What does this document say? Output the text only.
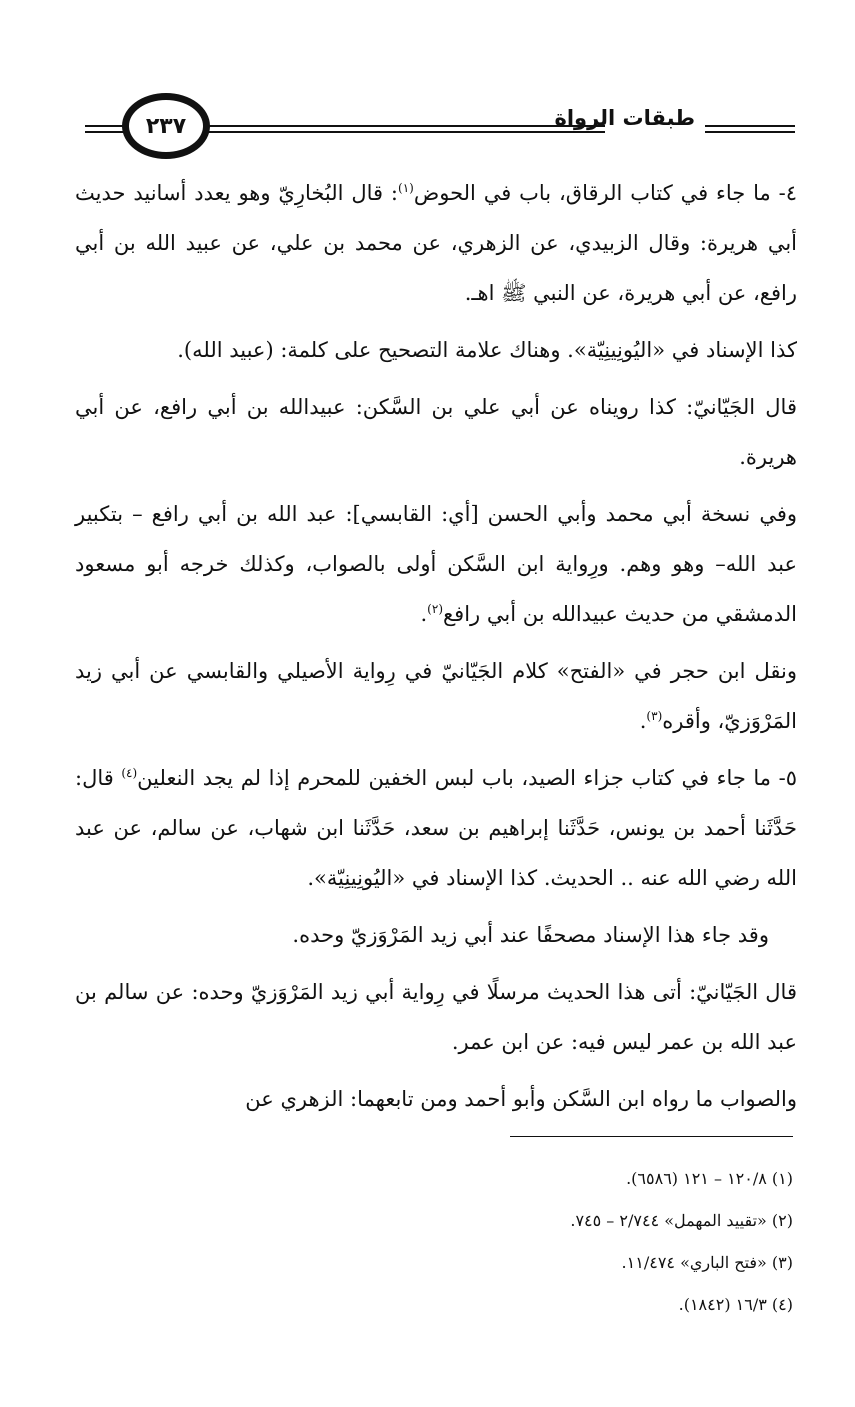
طبقات الرواة
٢٣٧

٤- ما جاء في كتاب الرقاق، باب في الحوض$^{(١)}$: قال البُخارِيّ وهو يعدد أسانيد حديث أبي هريرة: وقال الزبيدي، عن الزهري، عن محمد بن علي، عن عبيد الله بن أبي رافع، عن أبي هريرة، عن النبي ﷺ اهـ.

كذا الإسناد في «اليُونِينِيّة». وهناك علامة التصحيح على كلمة: (عبيد الله).

قال الجَيّانيّ: كذا رويناه عن أبي علي بن السَّكن: عبيدالله بن أبي رافع، عن أبي هريرة.

وفي نسخة أبي محمد وأبي الحسن [أي: القابسي]: عبد الله بن أبي رافع – بتكبير عبد الله– وهو وهم. ورِواية ابن السَّكن أولى بالصواب، وكذلك خرجه أبو مسعود الدمشقي من حديث عبيدالله بن أبي رافع$^{(٢)}$.

ونقل ابن حجر في «الفتح» كلام الجَيّانيّ في رِواية الأصيلي والقابسي عن أبي زيد المَرْوَزيّ، وأقره$^{(٣)}$.

٥- ما جاء في كتاب جزاء الصيد، باب لبس الخفين للمحرم إذا لم يجد النعلين$^{(٤)}$ قال: حَدَّثَنا أحمد بن يونس، حَدَّثَنا إبراهيم بن سعد، حَدَّثَنا ابن شهاب، عن سالم، عن عبد الله رضي الله عنه .. الحديث. كذا الإسناد في «اليُونِينِيّة».

وقد جاء هذا الإسناد مصحفًا عند أبي زيد المَرْوَزيّ وحده.

قال الجَيّانيّ: أتى هذا الحديث مرسلًا في رِواية أبي زيد المَرْوَزيّ وحده: عن سالم بن عبد الله بن عمر ليس فيه: عن ابن عمر.

والصواب ما رواه ابن السَّكن وأبو أحمد ومن تابعهما: الزهري عن

(١) ١٢٠/٨ – ١٢١ (٦٥٨٦).
(٢) «تقييد المهمل» ٢/٧٤٤ – ٧٤٥.
(٣) «فتح الباري» ١١/٤٧٤.
(٤) ١٦/٣ (١٨٤٢).
